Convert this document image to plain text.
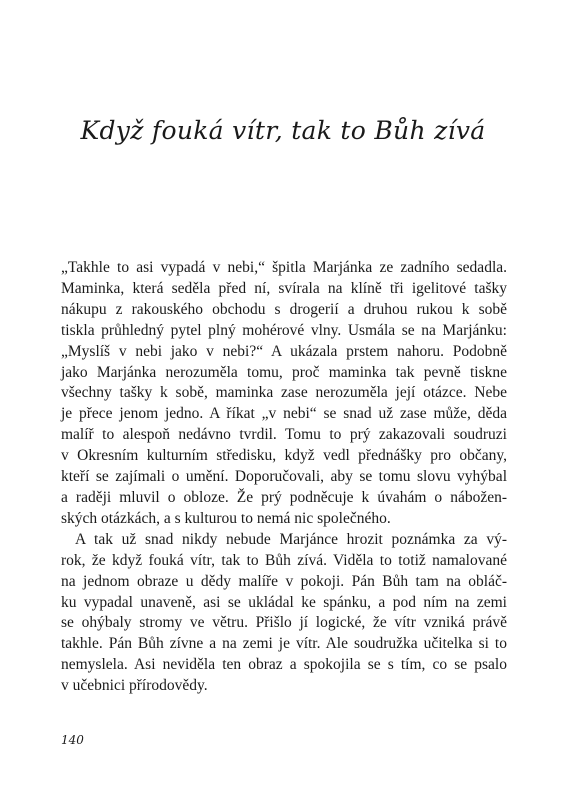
Když fouká vítr, tak to Bůh zívá

„Takhle to asi vypadá v nebi,“ špitla Marjánka ze zadního sedadla.
Maminka, která seděla před ní, svírala na klíně tři igelitové tašky
nákupu z rakouského obchodu s drogerií a druhou rukou k sobě
tiskla průhledný pytel plný mohérové vlny. Usmála se na Marjánku:
„Myslíš v nebi jako v nebi?“ A ukázala prstem nahoru. Podobně
jako Marjánka nerozuměla tomu, proč maminka tak pevně tiskne
všechny tašky k sobě, maminka zase nerozuměla její otázce. Nebe
je přece jenom jedno. A říkat „v nebi“ se snad už zase může, děda
malíř to alespoň nedávno tvrdil. Tomu to prý zakazovali soudruzi
v Okresním kulturním středisku, když vedl přednášky pro občany,
kteří se zajímali o umění. Doporučovali, aby se tomu slovu vyhýbal
a raději mluvil o obloze. Že prý podněcuje k úvahám o nábožen-
ských otázkách, a s kulturou to nemá nic společného.

A tak už snad nikdy nebude Marjánce hrozit poznámka za vý-
rok, že když fouká vítr, tak to Bůh zívá. Viděla to totiž namalované
na jednom obraze u dědy malíře v pokoji. Pán Bůh tam na obláč-
ku vypadal unaveně, asi se ukládal ke spánku, a pod ním na zemi
se ohýbaly stromy ve větru. Přišlo jí logické, že vítr vzniká právě
takhle. Pán Bůh zívne a na zemi je vítr. Ale soudružka učitelka si to
nemyslela. Asi neviděla ten obraz a spokojila se s tím, co se psalo
v učebnici přírodovědy.

140
